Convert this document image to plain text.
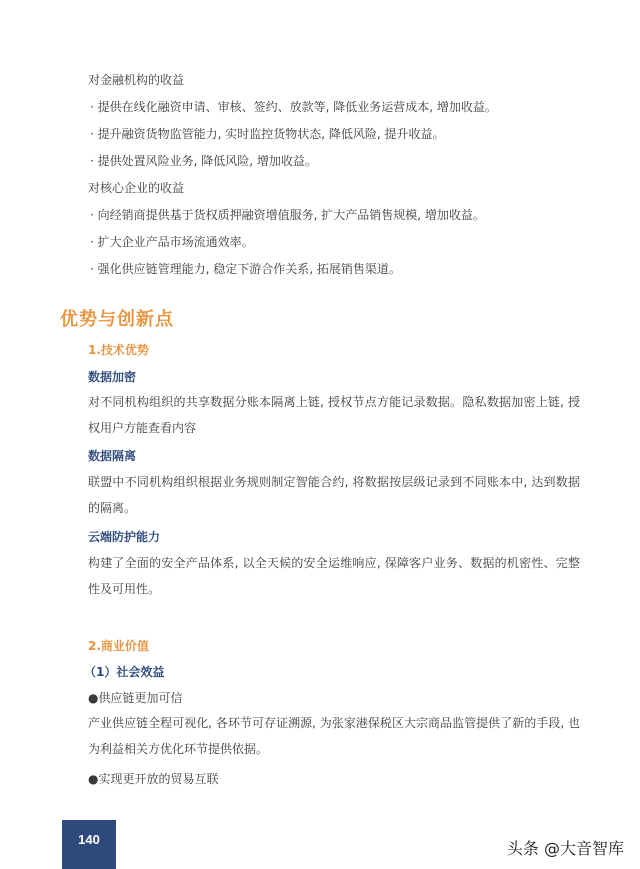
对金融机构的收益
· 提供在线化融资申请、审核、签约、放款等, 降低业务运营成本, 增加收益。
· 提升融资货物监管能力, 实时监控货物状态, 降低风险, 提升收益。
· 提供处置风险业务, 降低风险, 增加收益。
对核心企业的收益
· 向经销商提供基于货权质押融资增值服务, 扩大产品销售规模, 增加收益。
· 扩大企业产品市场流通效率。
· 强化供应链管理能力, 稳定下游合作关系, 拓展销售渠道。
优势与创新点
1.技术优势
数据加密
对不同机构组织的共享数据分账本隔离上链, 授权节点方能记录数据。隐私数据加密上链, 授权用户方能查看内容
数据隔离
联盟中不同机构组织根据业务规则制定智能合约, 将数据按层级记录到不同账本中, 达到数据的隔离。
云端防护能力
构建了全面的安全产品体系, 以全天候的安全运维响应, 保障客户业务、数据的机密性、完整性及可用性。
2.商业价值
（1）社会效益
●供应链更加可信
产业供应链全程可视化, 各环节可存证溯源, 为张家港保税区大宗商品监管提供了新的手段, 也为利益相关方优化环节提供依据。
●实现更开放的贸易互联
140	头条 @大音智库
